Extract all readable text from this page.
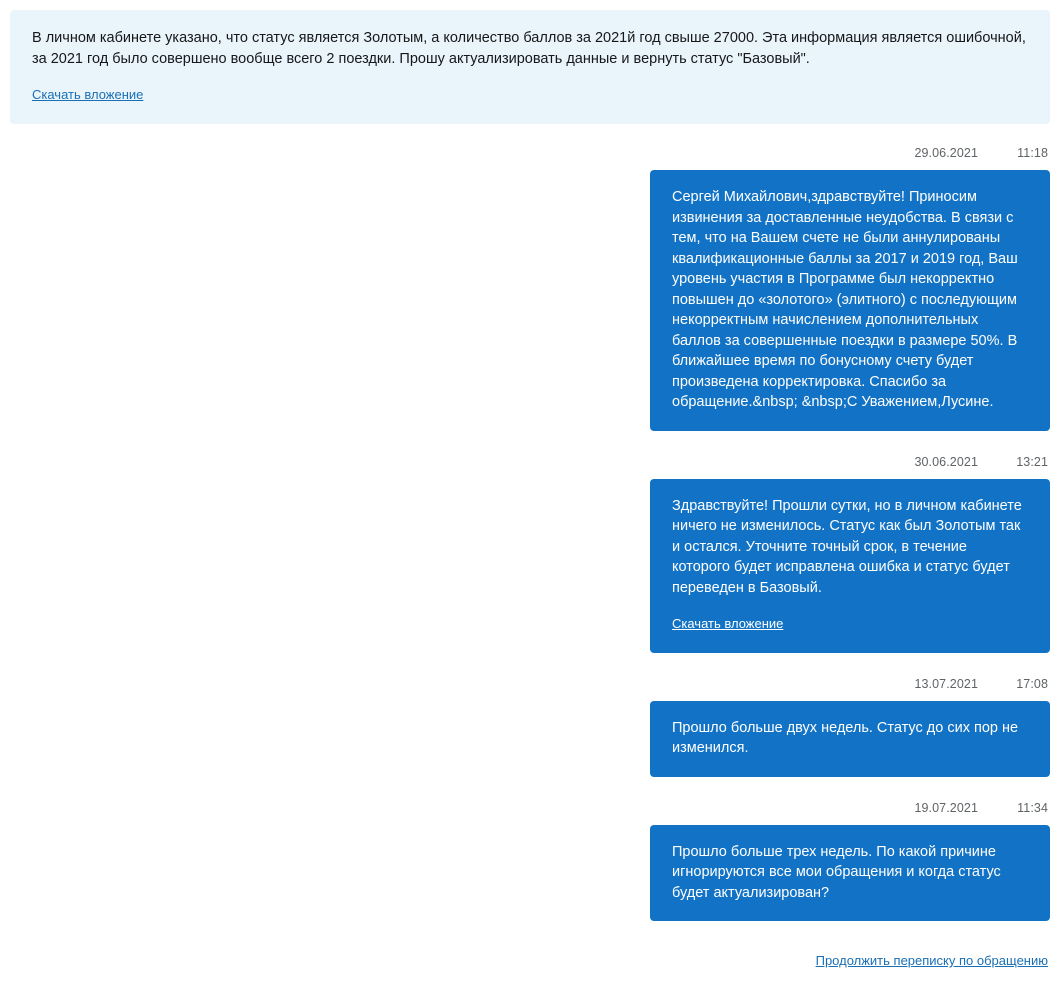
В личном кабинете указано, что статус является Золотым, а количество баллов за 2021й год свыше 27000. Эта информация является ошибочной, за 2021 год было совершено вообще всего 2 поездки. Прошу актуализировать данные и вернуть статус "Базовый".

Скачать вложение
29.06.2021	11:18

Сергей Михайлович,здравствуйте! Приносим извинения за доставленные неудобства. В связи с тем, что на Вашем счете не были аннулированы квалификационные баллы за 2017 и 2019 год, Ваш уровень участия в Программе был некорректно повышен до «золотого» (элитного) с последующим некорректным начислением дополнительных баллов за совершенные поездки в размере 50%. В ближайшее время по бонусному счету будет произведена корректировка. Спасибо за обращение.&nbsp; &nbsp;С Уважением,Лусине.

30.06.2021	13:21

Здравствуйте! Прошли сутки, но в личном кабинете ничего не изменилось. Статус как был Золотым так и остался. Уточните точный срок, в течение которого будет исправлена ошибка и статус будет переведен в Базовый.

Скачать вложение
13.07.2021	17:08

Прошло больше двух недель. Статус до сих пор не изменился.

19.07.2021	11:34

Прошло больше трех недель. По какой причине игнорируются все мои обращения и когда статус будет актуализирован?

Продолжить переписку по обращению
